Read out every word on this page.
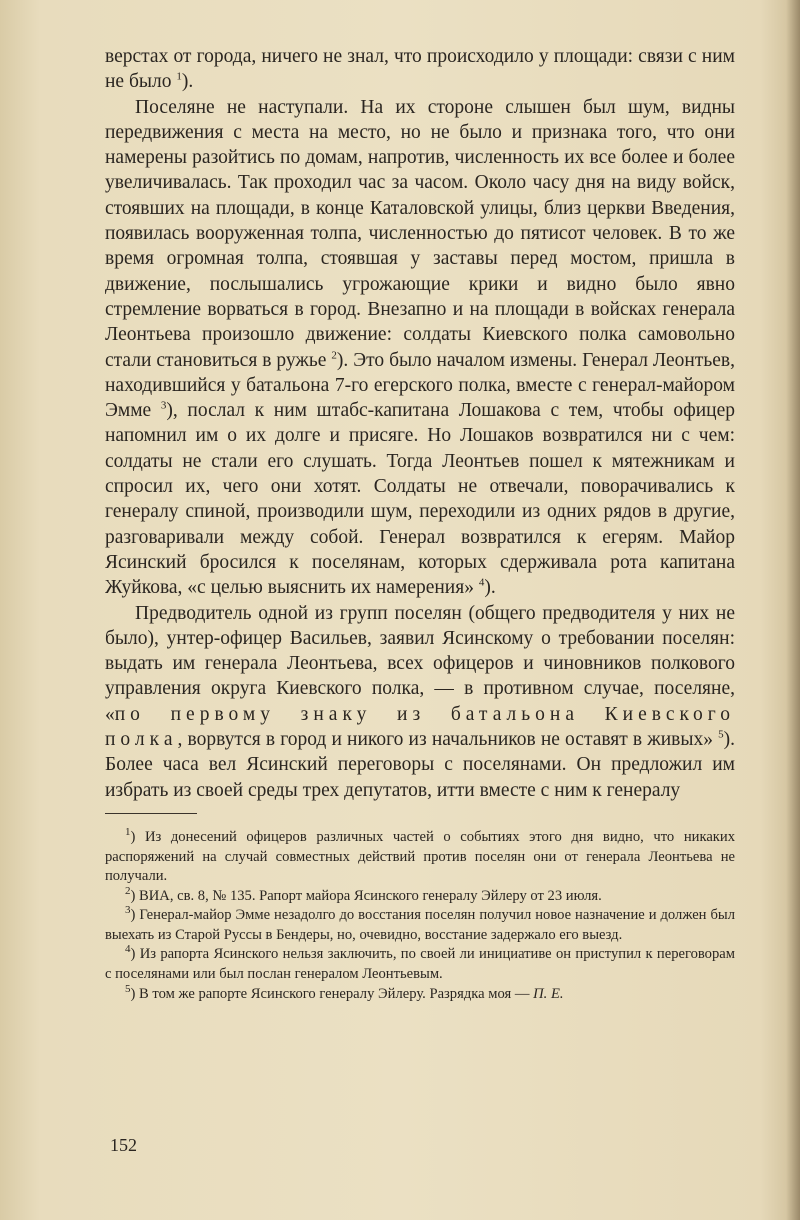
верстах от города, ничего не знал, что происходило у площади: связи с ним не было $^1$).

Поселяне не наступали. На их стороне слышен был шум, видны передвижения с места на место, но не было и признака того, что они намерены разойтись по домам, напротив, численность их все более и более увеличивалась. Так проходил час за часом. Около часу дня на виду войск, стоявших на площади, в конце Каталовской улицы, близ церкви Введения, появилась вооруженная толпа, численностью до пятисот человек. В то же время огромная толпа, стоявшая у заставы перед мостом, пришла в движение, послышались угрожающие крики и видно было явно стремление ворваться в город. Внезапно и на площади в войсках генерала Леонтьева произошло движение: солдаты Киевского полка самовольно стали становиться в ружье $^2$). Это было началом измены. Генерал Леонтьев, находившийся у батальона 7-го егерского полка, вместе с генерал-майором Эмме $^3$), послал к ним штабс-капитана Лошакова с тем, чтобы офицер напомнил им о их долге и присяге. Но Лошаков возвратился ни с чем: солдаты не стали его слушать. Тогда Леонтьев пошел к мятежникам и спросил их, чего они хотят. Солдаты не отвечали, поворачивались к генералу спиной, производили шум, переходили из одних рядов в другие, разговаривали между собой. Генерал возвратился к егерям. Майор Ясинский бросился к поселянам, которых сдерживала рота капитана Жуйкова, «с целью выяснить их намерения» $^4$).

Предводитель одной из групп поселян (общего предводителя у них не было), унтер-офицер Васильев, заявил Ясинскому о требовании поселян: выдать им генерала Леонтьева, всех офицеров и чиновников полкового управления округа Киевского полка, — в противном случае, поселяне, «по первому знаку из батальона Киевского полка, ворвутся в город и никого из начальников не оставят в живых» $^5$). Более часа вел Ясинский переговоры с поселянами. Он предложил им избрать из своей среды трех депутатов, итти вместе с ним к генералу

$^1$) Из донесений офицеров различных частей о событиях этого дня видно, что никаких распоряжений на случай совместных действий против поселян они от генерала Леонтьева не получали.

$^2$) ВИА, св. 8, № 135. Рапорт майора Ясинского генералу Эйлеру от 23 июля.

$^3$) Генерал-майор Эмме незадолго до восстания поселян получил новое назначение и должен был выехать из Старой Руссы в Бендеры, но, очевидно, восстание задержало его выезд.

$^4$) Из рапорта Ясинского нельзя заключить, по своей ли инициативе он приступил к переговорам с поселянами или был послан генералом Леонтьевым.

$^5$) В том же рапорте Ясинского генералу Эйлеру. Разрядка моя — П. Е.

152
